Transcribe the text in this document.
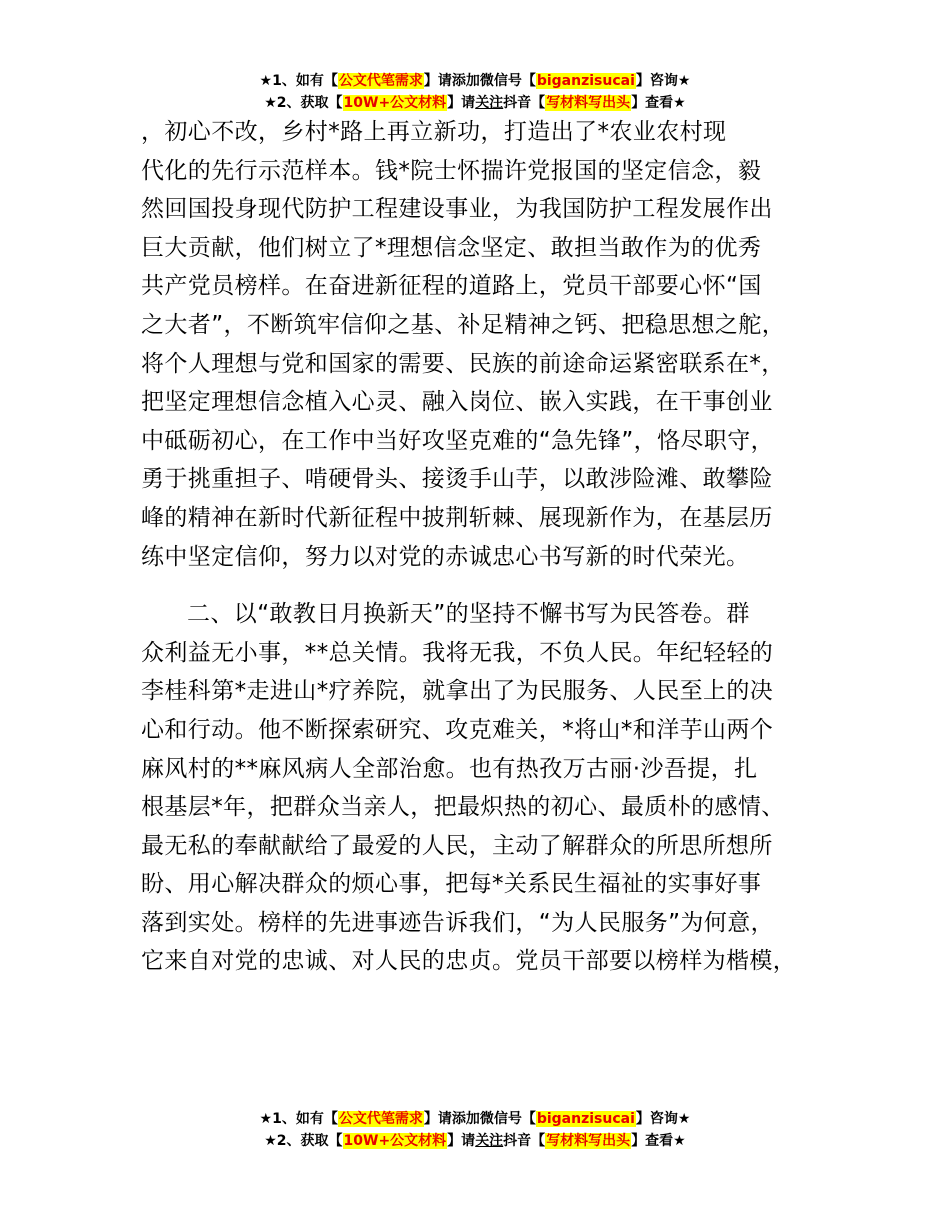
★1、如有【公文代笔需求】请添加微信号【biganzisucai】咨询★
★2、获取【10W+公文材料】请关注抖音【写材料写出头】查看★
，初心不改，乡村*路上再立新功，打造出了*农业农村现
代化的先行示范样本。钱*院士怀揣许党报国的坚定信念，毅
然回国投身现代防护工程建设事业，为我国防护工程发展作出
巨大贡献，他们树立了*理想信念坚定、敢担当敢作为的优秀
共产党员榜样。在奋进新征程的道路上，党员干部要心怀“国
之大者”，不断筑牢信仰之基、补足精神之钙、把稳思想之舵，
将个人理想与党和国家的需要、民族的前途命运紧密联系在*，
把坚定理想信念植入心灵、融入岗位、嵌入实践，在干事创业
中砥砺初心，在工作中当好攻坚克难的“急先锋”，恪尽职守，
勇于挑重担子、啃硬骨头、接烫手山芋，以敢涉险滩、敢攀险
峰的精神在新时代新征程中披荆斩棘、展现新作为，在基层历
练中坚定信仰，努力以对党的赤诚忠心书写新的时代荣光。
二、以“敢教日月换新天”的坚持不懈书写为民答卷。群
众利益无小事，**总关情。我将无我，不负人民。年纪轻轻的
李桂科第*走进山*疗养院，就拿出了为民服务、人民至上的决
心和行动。他不断探索研究、攻克难关，*将山*和洋芋山两个
麻风村的**麻风病人全部治愈。也有热孜万古丽·沙吾提，扎
根基层*年，把群众当亲人，把最炽热的初心、最质朴的感情、
最无私的奉献献给了最爱的人民，主动了解群众的所思所想所
盼、用心解决群众的烦心事，把每*关系民生福祉的实事好事
落到实处。榜样的先进事迹告诉我们，“为人民服务”为何意，
它来自对党的忠诚、对人民的忠贞。党员干部要以榜样为楷模，
★1、如有【公文代笔需求】请添加微信号【biganzisucai】咨询★
★2、获取【10W+公文材料】请关注抖音【写材料写出头】查看★
